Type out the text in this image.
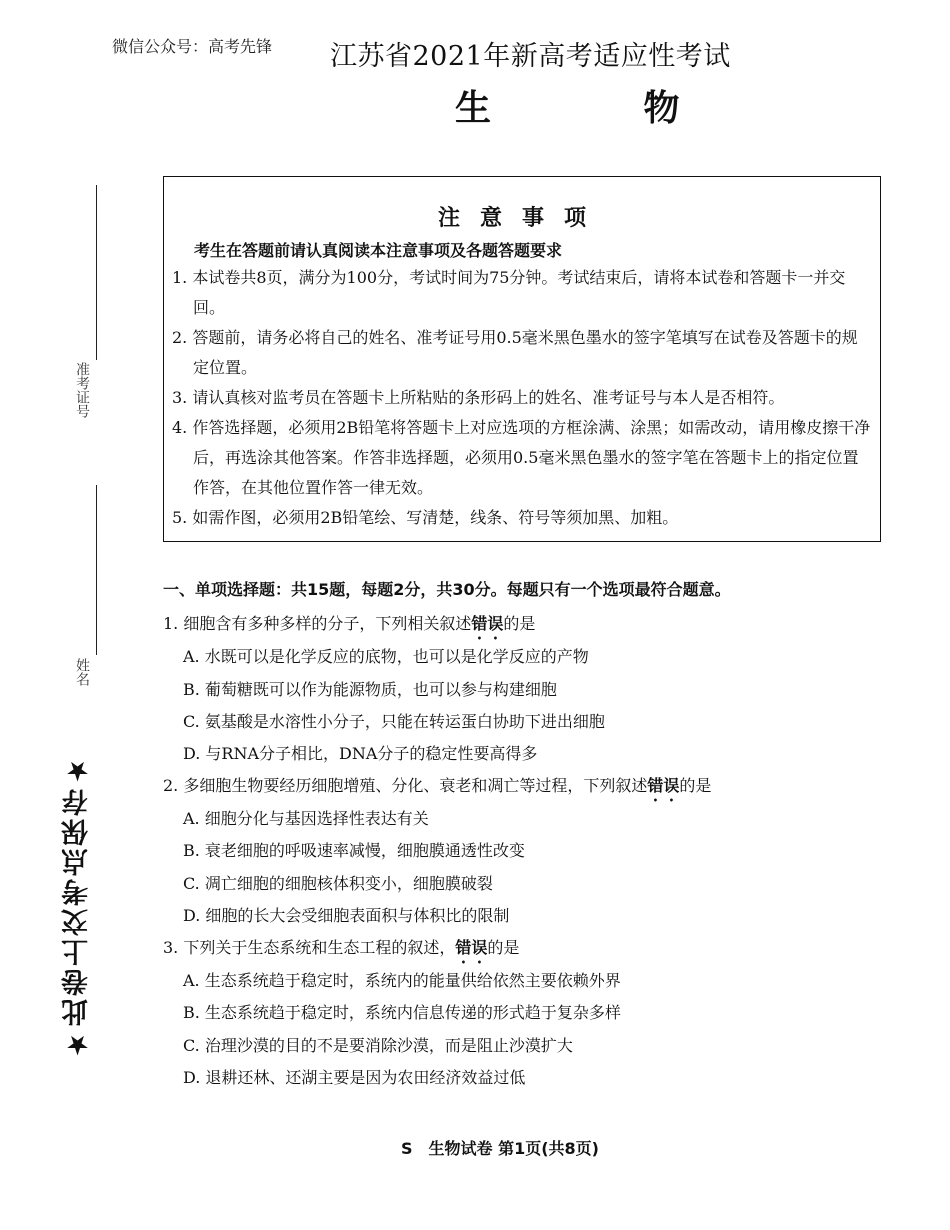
微信公众号：高考先锋 江苏省2021年新高考适应性考试
生 物
准考证号
姓名
★此卷上交考点保存★
注意事项
考生在答题前请认真阅读本注意事项及各题答题要求
1. 本试卷共8页，满分为100分，考试时间为75分钟。考试结束后，请将本试卷和答题卡一并交回。
2. 答题前，请务必将自己的姓名、准考证号用0.5毫米黑色墨水的签字笔填写在试卷及答题卡的规定位置。
3. 请认真核对监考员在答题卡上所粘贴的条形码上的姓名、准考证号与本人是否相符。
4. 作答选择题，必须用2B铅笔将答题卡上对应选项的方框涂满、涂黑；如需改动，请用橡皮擦干净后，再选涂其他答案。作答非选择题，必须用0.5毫米黑色墨水的签字笔在答题卡上的指定位置作答，在其他位置作答一律无效。
5. 如需作图，必须用2B铅笔绘、写清楚，线条、符号等须加黑、加粗。
一、单项选择题：共15题，每题2分，共30分。每题只有一个选项最符合题意。
1. 细胞含有多种多样的分子，下列相关叙述错误的是
A. 水既可以是化学反应的底物，也可以是化学反应的产物
B. 葡萄糖既可以作为能源物质，也可以参与构建细胞
C. 氨基酸是水溶性小分子，只能在转运蛋白协助下进出细胞
D. 与RNA分子相比，DNA分子的稳定性要高得多
2. 多细胞生物要经历细胞增殖、分化、衰老和凋亡等过程，下列叙述错误的是
A. 细胞分化与基因选择性表达有关
B. 衰老细胞的呼吸速率减慢，细胞膜通透性改变
C. 凋亡细胞的细胞核体积变小，细胞膜破裂
D. 细胞的长大会受细胞表面积与体积比的限制
3. 下列关于生态系统和生态工程的叙述，错误的是
A. 生态系统趋于稳定时，系统内的能量供给依然主要依赖外界
B. 生态系统趋于稳定时，系统内信息传递的形式趋于复杂多样
C. 治理沙漠的目的不是要消除沙漠，而是阻止沙漠扩大
D. 退耕还林、还湖主要是因为农田经济效益过低
S　生物试卷 第1页(共8页)
